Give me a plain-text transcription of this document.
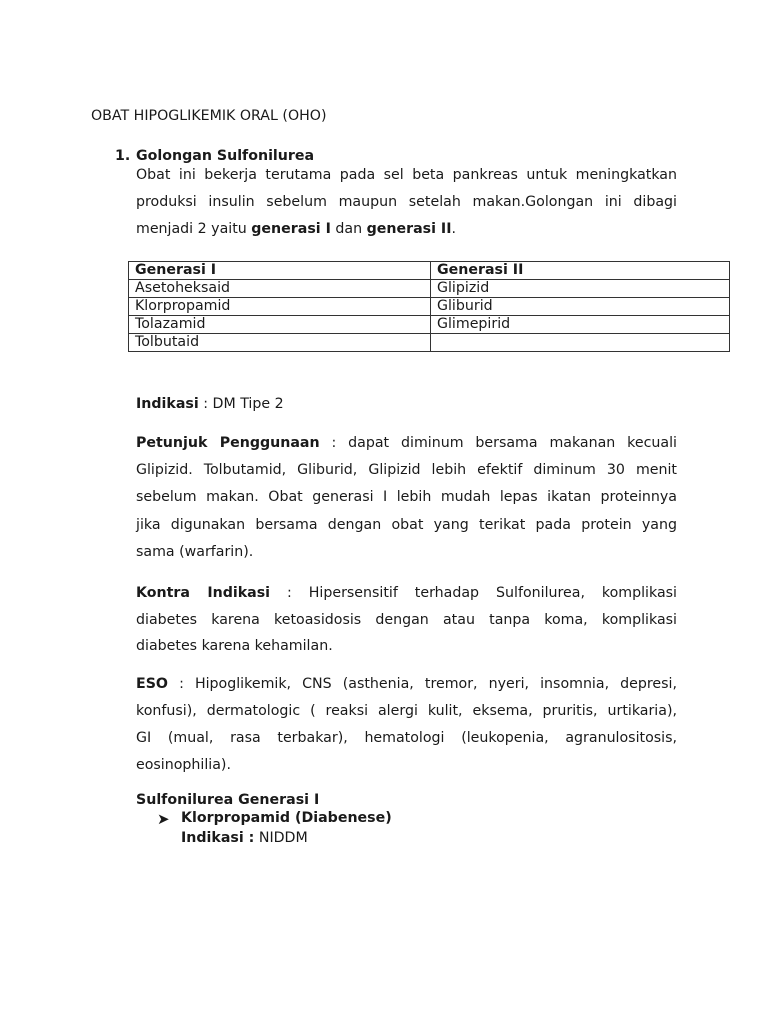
OBAT HIPOGLIKEMIK ORAL (OHO)
1. Golongan Sulfonilurea
Obat ini bekerja terutama pada sel beta pankreas untuk meningkatkan
produksi insulin sebelum maupun setelah makan.Golongan ini dibagi
menjadi 2 yaitu generasi I dan generasi II.
Generasi I	Generasi II
Asetoheksaid	Glipizid
Klorpropamid	Gliburid
Tolazamid	Glimepirid
Tolbutaid	
Indikasi : DM Tipe 2
Petunjuk Penggunaan : dapat diminum bersama makanan kecuali
Glipizid. Tolbutamid, Gliburid, Glipizid lebih efektif diminum 30 menit
sebelum makan. Obat generasi I lebih mudah lepas ikatan proteinnya
jika digunakan bersama dengan obat yang terikat pada protein yang
sama (warfarin).
Kontra Indikasi : Hipersensitif terhadap Sulfonilurea, komplikasi
diabetes karena ketoasidosis dengan atau tanpa koma, komplikasi
diabetes karena kehamilan.
ESO : Hipoglikemik, CNS (asthenia, tremor, nyeri, insomnia, depresi,
konfusi), dermatologic ( reaksi alergi kulit, eksema, pruritis, urtikaria),
GI (mual, rasa terbakar), hematologi (leukopenia, agranulositosis,
eosinophilia).
Sulfonilurea Generasi I
➤ Klorpropamid (Diabenese)
Indikasi : NIDDM
